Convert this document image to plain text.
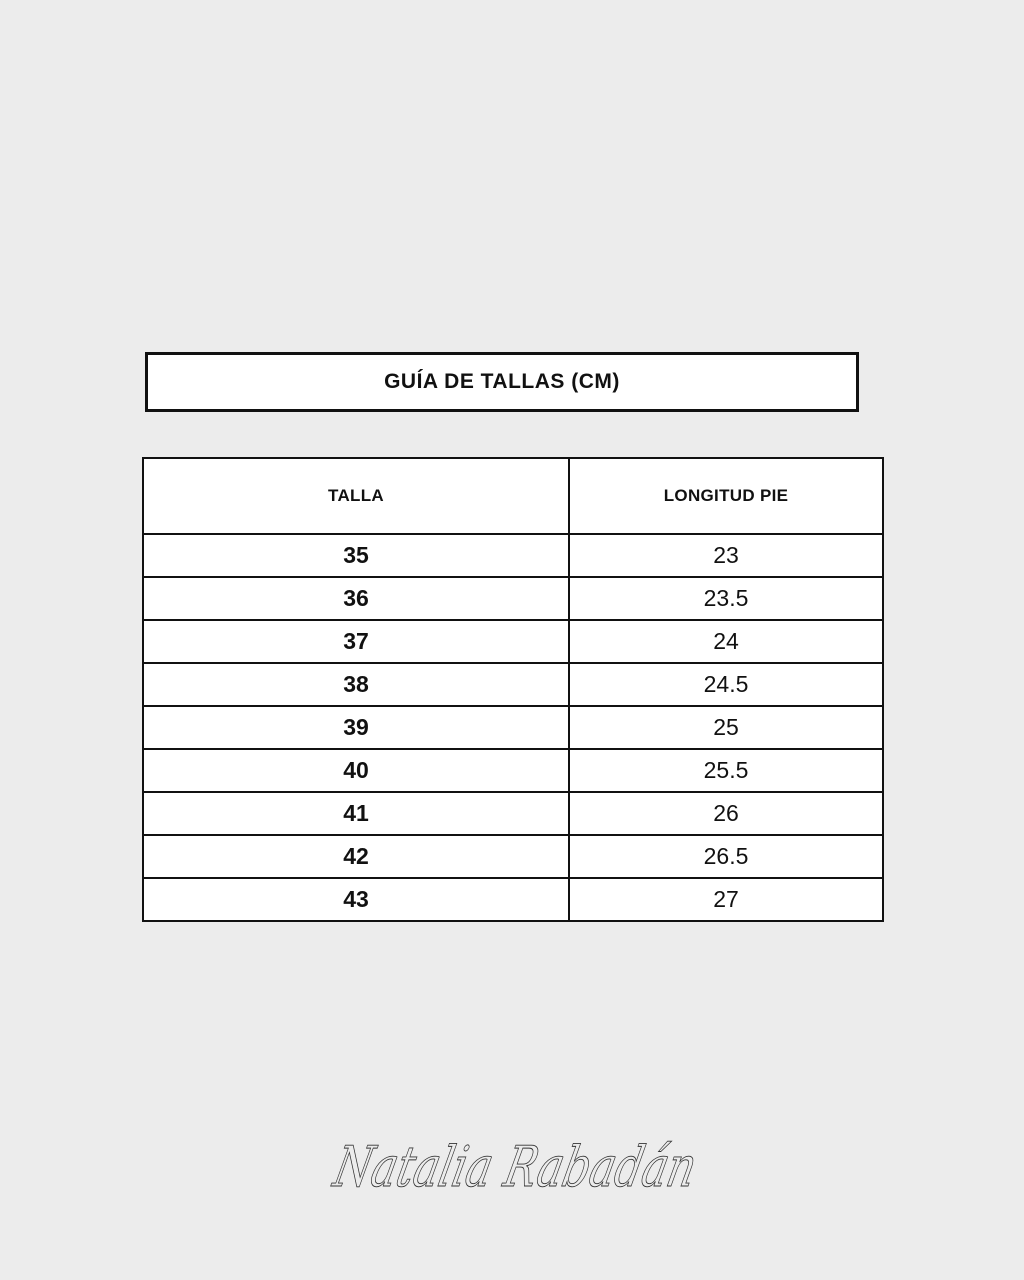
GUÍA DE TALLAS (CM)
TALLA	LONGITUD PIE
35	23
36	23.5
37	24
38	24.5
39	25
40	25.5
41	26
42	26.5
43	27
Natalia Rabadán
